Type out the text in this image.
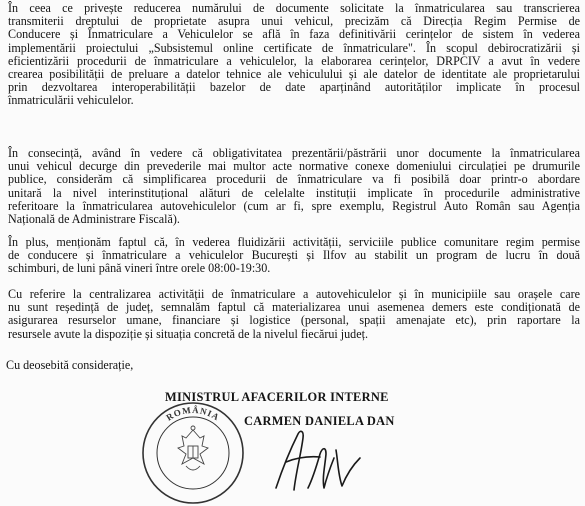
În ceea ce privește reducerea numărului de documente solicitate la înmatricularea sau transcrierea
transmiterii dreptului de proprietate asupra unui vehicul, precizăm că Direcția Regim Permise de
Conducere și Înmatriculare a Vehiculelor se află în faza definitivării cerințelor de sistem în vederea
implementării proiectului „Subsistemul online certificate de înmatriculare". În scopul debirocratizării și
eficientizării procedurii de înmatriculare a vehiculelor, la elaborarea cerințelor, DRPCIV a avut în vedere
crearea posibilității de preluare a datelor tehnice ale vehiculului și ale datelor de identitate ale proprietarului
prin dezvoltarea interoperabilității bazelor de date aparținând autorităților implicate în procesul
înmatriculării vehiculelor.
În consecință, având în vedere că obligativitatea prezentării/păstrării unor documente la înmatricularea
unui vehicul decurge din prevederile mai multor acte normative conexe domeniului circulației pe drumurile
publice, considerăm că simplificarea procedurii de înmatriculare va fi posibilă doar printr-o abordare
unitară la nivel interinstituțional alături de celelalte instituții implicate în procedurile administrative
referitoare la înmatricularea autovehiculelor (cum ar fi, spre exemplu, Registrul Auto Român sau Agenția
Națională de Administrare Fiscală).
În plus, menționăm faptul că, în vederea fluidizării activității, serviciile publice comunitare regim permise
de conducere și înmatriculare a vehiculelor București și Ilfov au stabilit un program de lucru în două
schimburi, de luni până vineri între orele 08:00-19:30.
Cu referire la centralizarea activității de înmatriculare a autovehiculelor și în municipiile sau orașele care
nu sunt reședință de județ, semnalăm faptul că materializarea unui asemenea demers este condiționată de
asigurarea resurselor umane, financiare și logistice (personal, spații amenajate etc), prin raportare la
resursele avute la dispoziție și situația concretă de la nivelul fiecărui județ.
Cu deosebită considerație,
ROMÂNIA
MINISTRUL AFACERILOR INTERNE
CARMEN DANIELA DAN
